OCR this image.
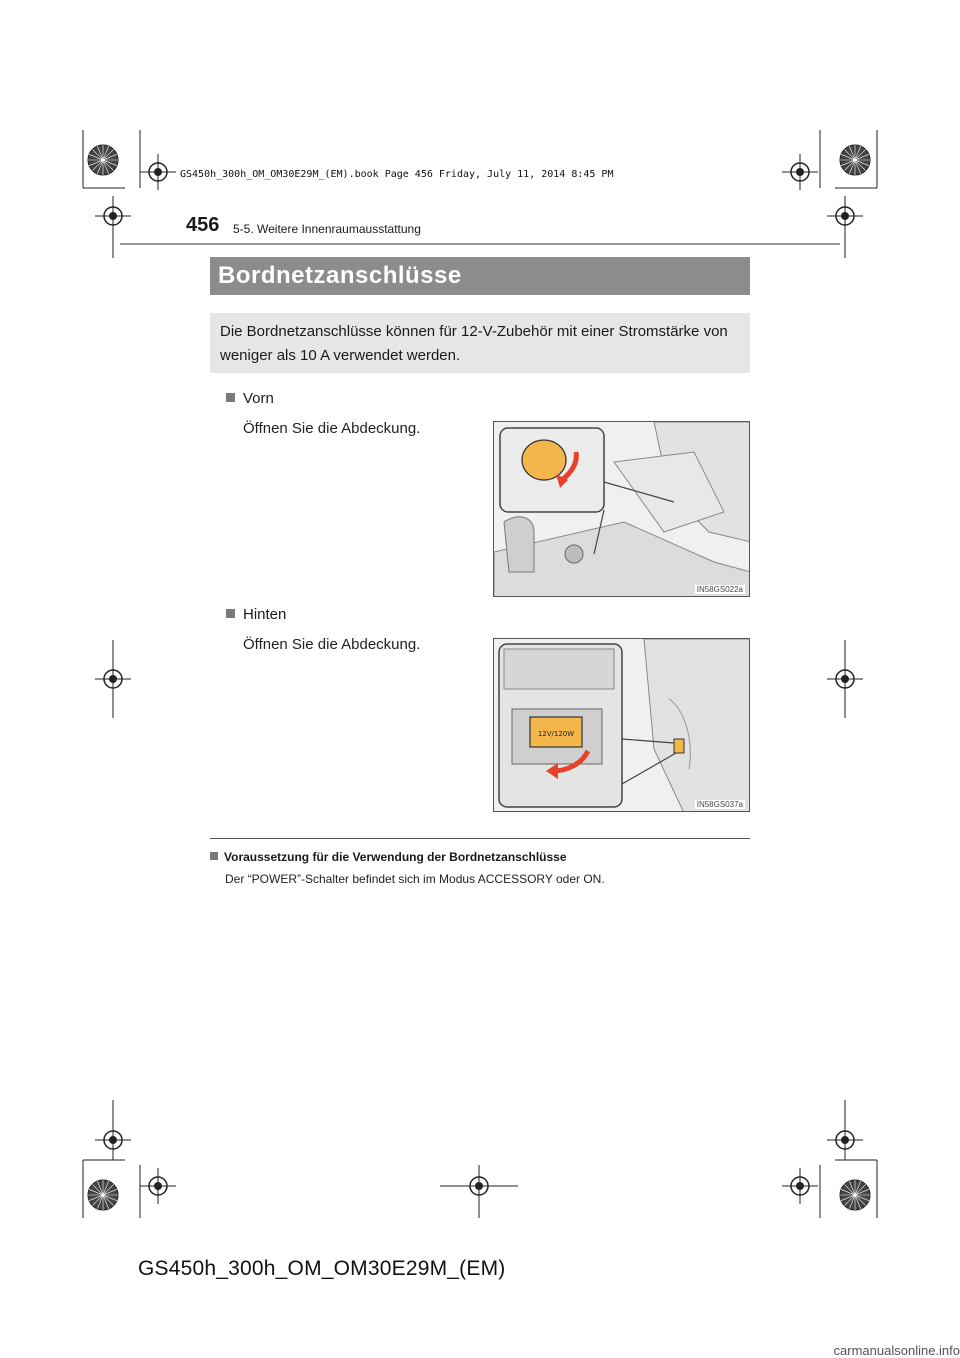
GS450h_300h_OM_OM30E29M_(EM).book Page 456 Friday, July 11, 2014 8:45 PM
456 5-5. Weitere Innenraumausstattung
Bordnetzanschlüsse
Die Bordnetzanschlüsse können für 12-V-Zubehör mit einer Stromstärke von weniger als 10 A verwendet werden.
Vorn
Öffnen Sie die Abdeckung.
IN58GS022a
Hinten
Öffnen Sie die Abdeckung.
12V/120W
IN58GS037a
Voraussetzung für die Verwendung der Bordnetzanschlüsse
Der “POWER”-Schalter befindet sich im Modus ACCESSORY oder ON.
GS450h_300h_OM_OM30E29M_(EM)
carmanualsonline.info
